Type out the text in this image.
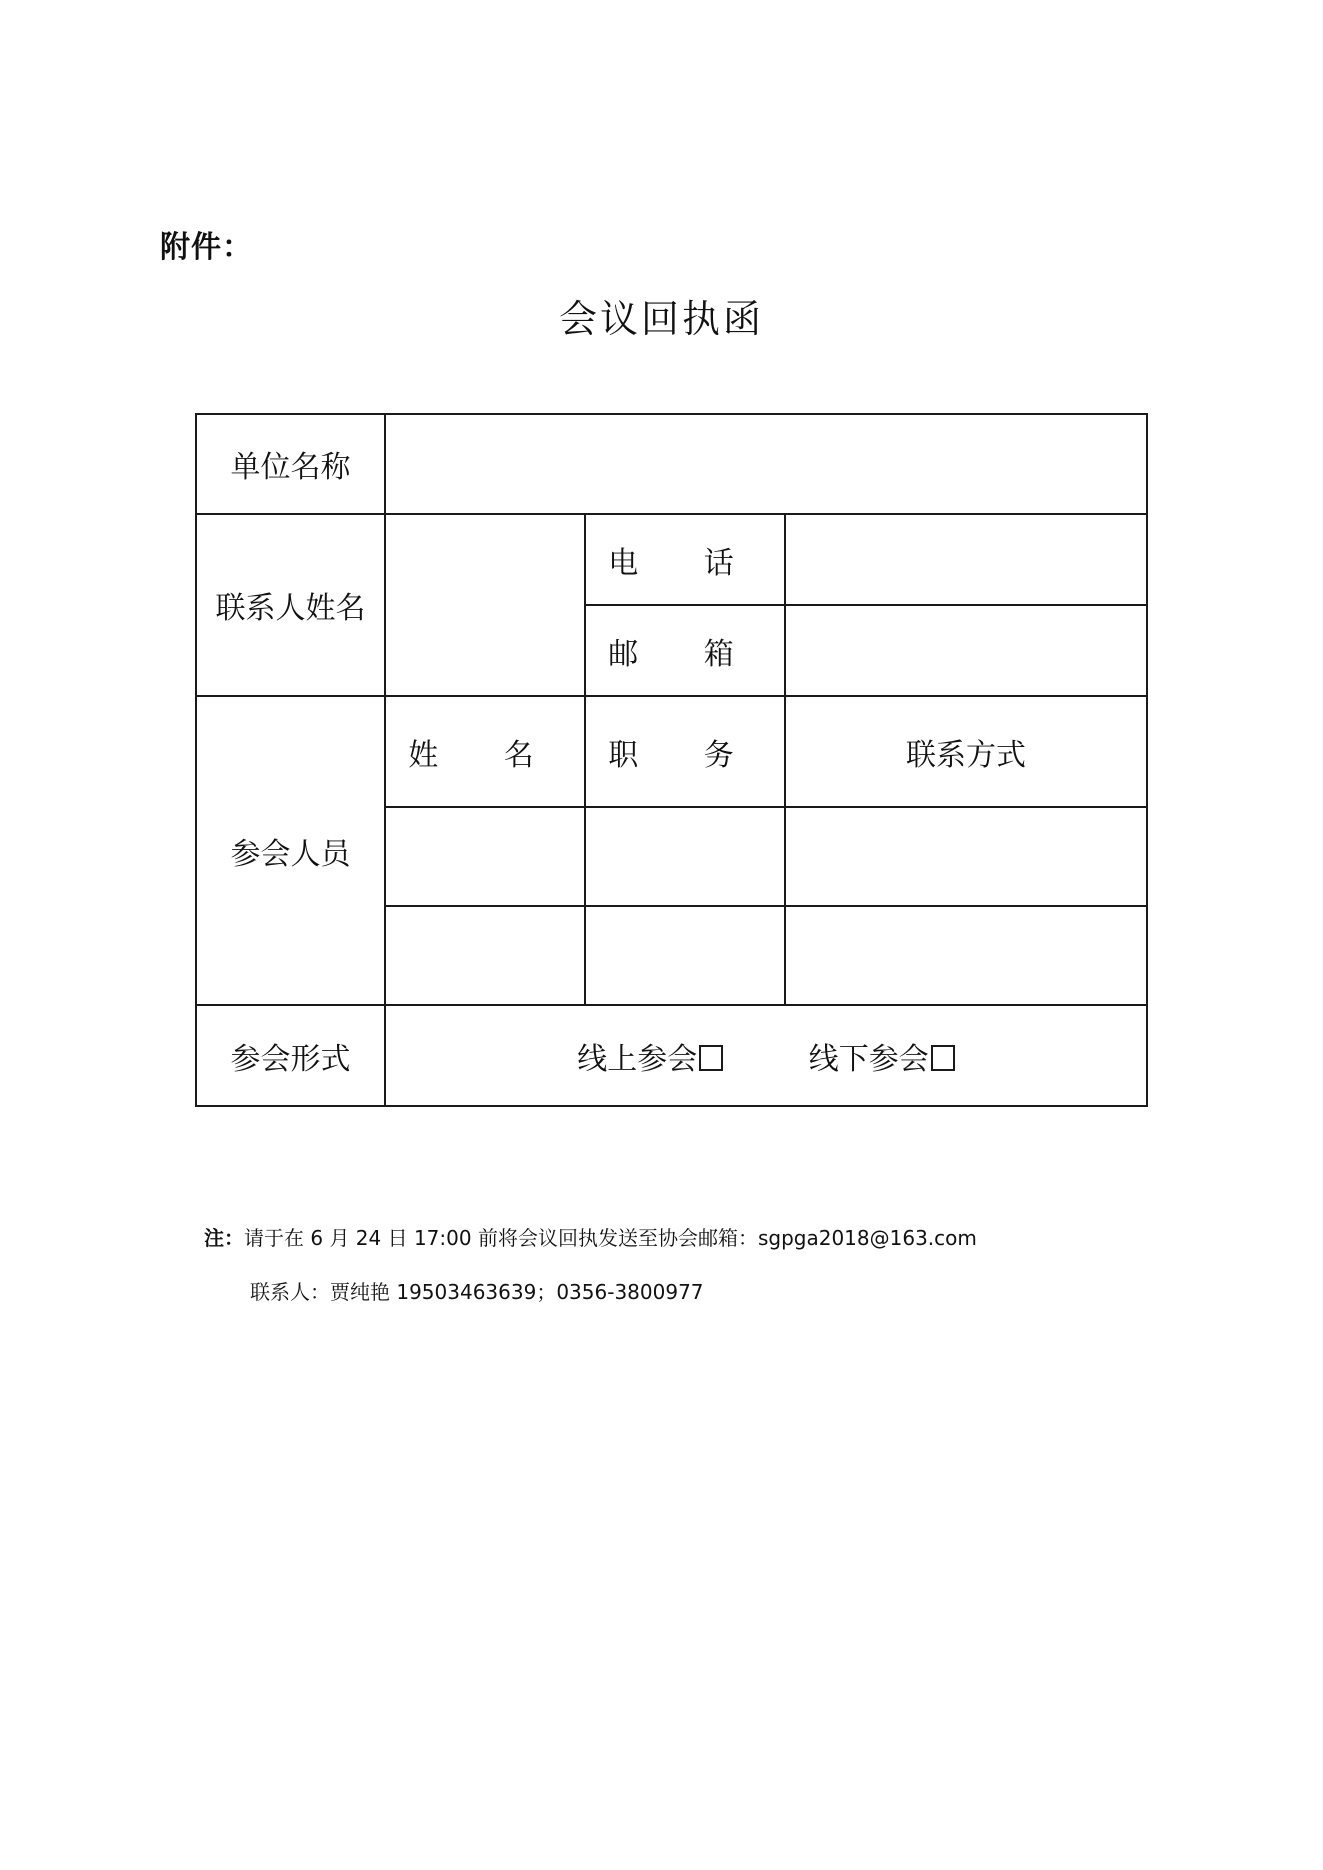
附件：
会议回执函
单位名称			
联系人姓名		电 话	
		邮 箱	
参会人员	姓 名	职 务	联系方式

参会形式	线上参会 线下参会		
注：请于在 6 月 24 日 17:00 前将会议回执发送至协会邮箱：sgpga2018@163.com
联系人：贾纯艳 19503463639；0356-3800977
